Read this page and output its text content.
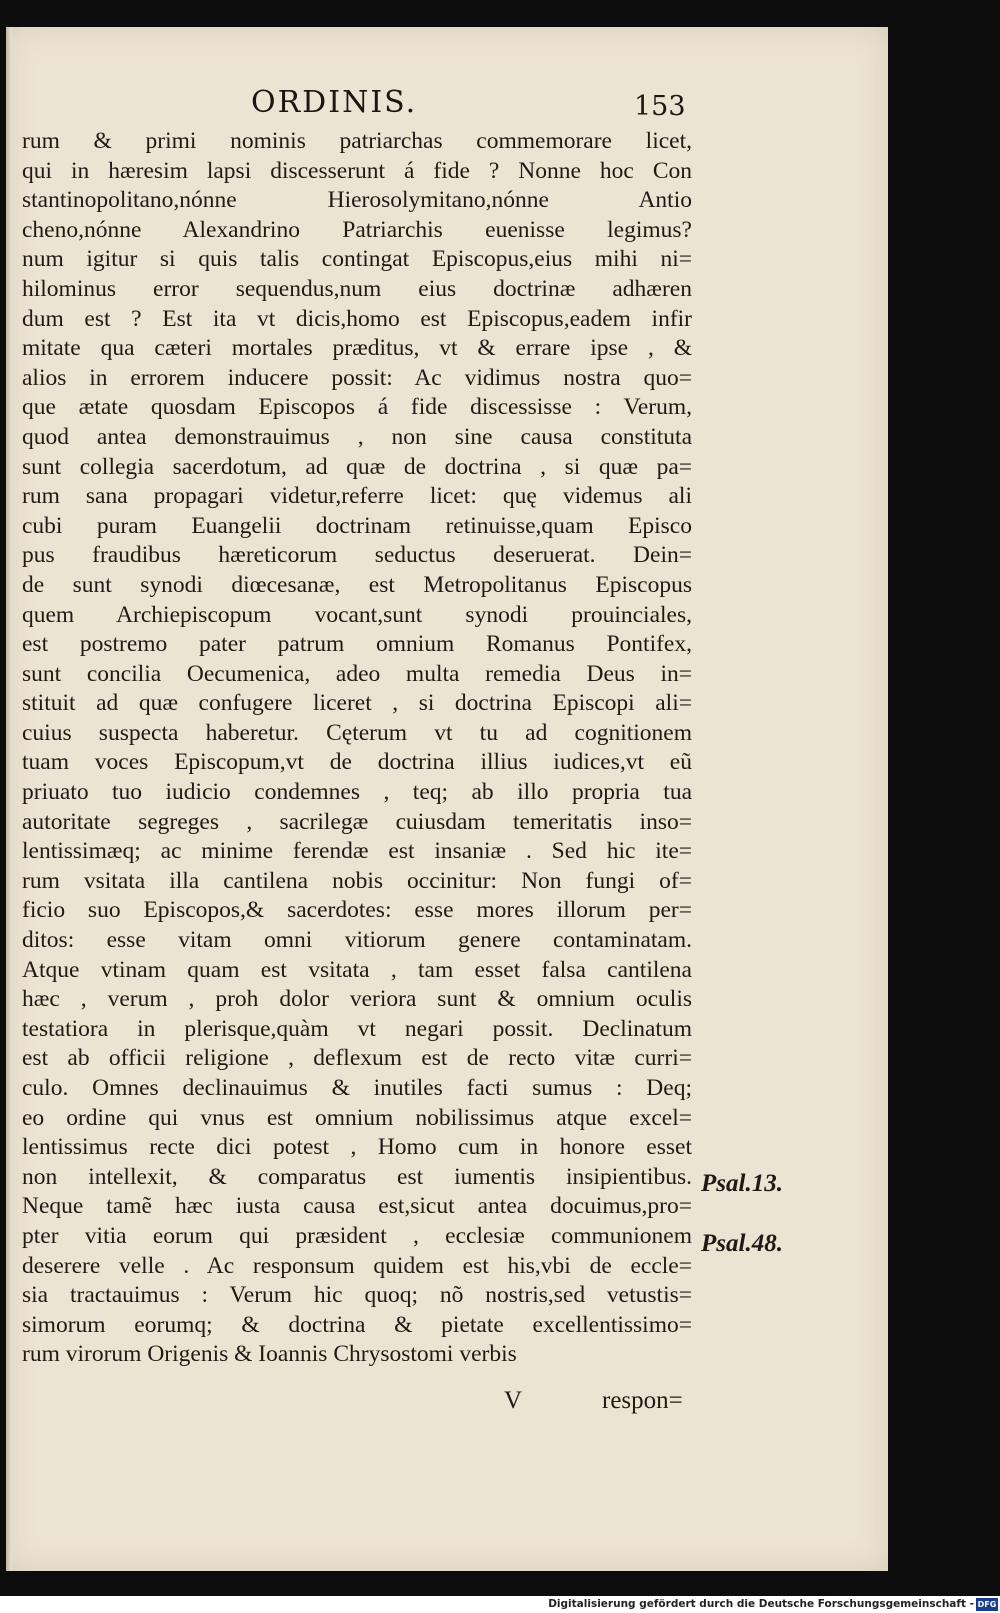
ORDINIS.	153
rum & primi nominis patriarchas commemorare licet,
qui in hæresim lapsi discesserunt á fide ? Nonne hoc Con
stantinopolitano,nónne Hierosolymitano,nónne Antio
cheno,nónne Alexandrino Patriarchis euenisse legimus?
num igitur si quis talis contingat Episcopus,eius mihi ni=
hilominus error sequendus,num eius doctrinæ adhæren
dum est ? Est ita vt dicis,homo est Episcopus,eadem infir
mitate qua cæteri mortales præditus, vt & errare ipse , &
alios in errorem inducere possit: Ac vidimus nostra quo=
que ætate quosdam Episcopos á fide discessisse : Verum,
quod antea demonstrauimus , non sine causa constituta
sunt collegia sacerdotum, ad quæ de doctrina , si quæ pa=
rum sana propagari videtur,referre licet: quę videmus ali
cubi puram Euangelii doctrinam retinuisse,quam Episco
pus fraudibus hæreticorum seductus deseruerat. Dein=
de sunt synodi diœcesanæ, est Metropolitanus Episcopus
quem Archiepiscopum vocant,sunt synodi prouinciales,
est postremo pater patrum omnium Romanus Pontifex,
sunt concilia Oecumenica, adeo multa remedia Deus in=
stituit ad quæ confugere liceret , si doctrina Episcopi ali=
cuius suspecta haberetur. Cęterum vt tu ad cognitionem
tuam voces Episcopum,vt de doctrina illius iudices,vt eũ
priuato tuo iudicio condemnes , teq; ab illo propria tua
autoritate segreges , sacrilegæ cuiusdam temeritatis inso=
lentissimæq; ac minime ferendæ est insaniæ . Sed hic ite=
rum vsitata illa cantilena nobis occinitur: Non fungi of=
ficio suo Episcopos,& sacerdotes: esse mores illorum per=
ditos: esse vitam omni vitiorum genere contaminatam.
Atque vtinam quam est vsitata , tam esset falsa cantilena
hæc , verum , proh dolor veriora sunt & omnium oculis
testatiora in plerisque,quàm vt negari possit. Declinatum
est ab officii religione , deflexum est de recto vitæ curri=
culo. Omnes declinauimus & inutiles facti sumus : Deq;
eo ordine qui vnus est omnium nobilissimus atque excel=
lentissimus recte dici potest , Homo cum in honore esset
non intellexit, & comparatus est iumentis insipientibus.
Neque tamẽ hæc iusta causa est,sicut antea docuimus,pro=
pter vitia eorum qui præsident , ecclesiæ communionem
deserere velle . Ac responsum quidem est his,vbi de eccle=
sia tractauimus : Verum hic quoq; nõ nostris,sed vetustis=
simorum eorumq; & doctrina & pietate excellentissimo=
rum virorum Origenis & Ioannis Chrysostomi verbis
Psal.13.
Psal.48.
V	respon=
Digitalisierung gefördert durch die Deutsche Forschungsgemeinschaft - DFG
